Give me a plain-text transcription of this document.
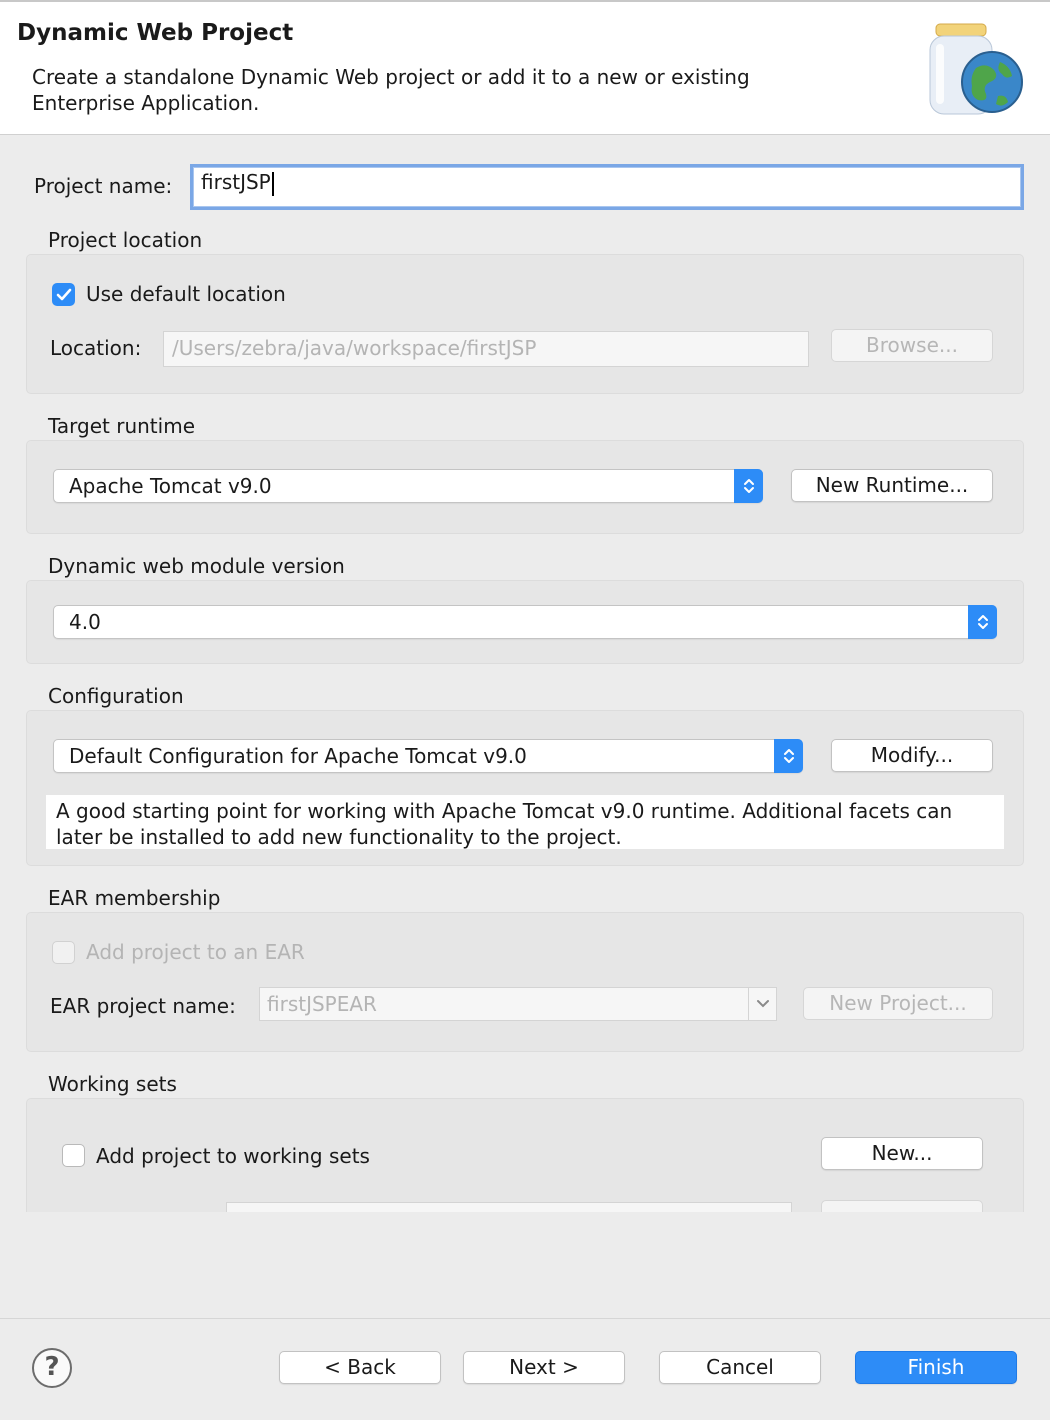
Dynamic Web Project
Create a standalone Dynamic Web project or add it to a new or existing Enterprise Application.
Project name:	firstJSP
Project location
Use default location
Location:	/Users/zebra/java/workspace/firstJSP	Browse...
Target runtime
Apache Tomcat v9.0	New Runtime...
Dynamic web module version
4.0
Configuration
Default Configuration for Apache Tomcat v9.0	Modify...
A good starting point for working with Apache Tomcat v9.0 runtime. Additional facets can later be installed to add new functionality to the project.
EAR membership
Add project to an EAR
EAR project name:	firstJSPEAR	New Project...
Working sets
Add project to working sets	New...
?	< Back	Next >	Cancel	Finish
